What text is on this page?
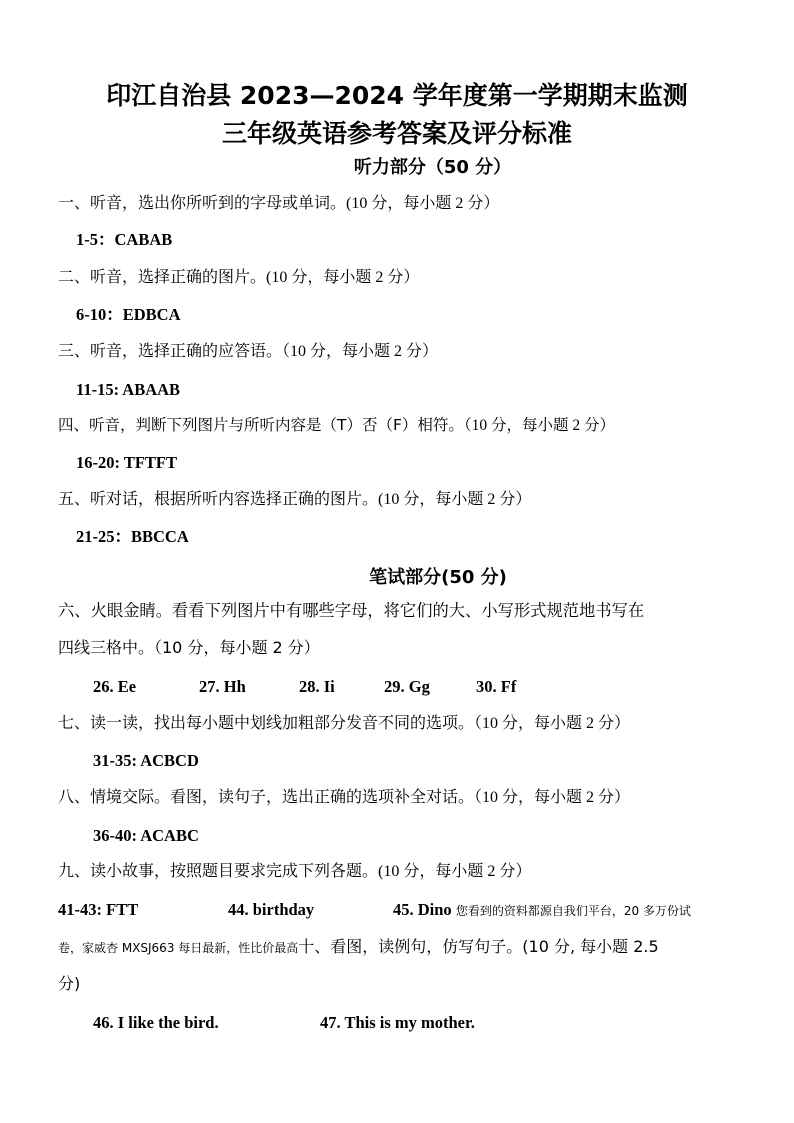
印江自治县 2023—2024 学年度第一学期期末监测
三年级英语参考答案及评分标准
听力部分（50 分）
一、听音，选出你所听到的字母或单词。(10 分，每小题 2 分）
1-5：CABAB
二、听音，选择正确的图片。(10 分，每小题 2 分）
6-10：EDBCA
三、听音，选择正确的应答语。（10 分，每小题 2 分）
11-15: ABAAB
四、听音，判断下列图片与所听内容是（T）否（F）相符。（10 分，每小题 2 分）
16-20: TFTFT
五、听对话，根据所听内容选择正确的图片。(10 分，每小题 2 分）
21-25：BBCCA
笔试部分(50 分)
六、火眼金睛。看看下列图片中有哪些字母，将它们的大、小写形式规范地书写在
四线三格中。（10 分，每小题 2 分）
26. Ee	27. Hh	28. Ii	29. Gg	30. Ff
七、读一读，找出每小题中划线加粗部分发音不同的选项。（10 分，每小题 2 分）
31-35: ACBCD
八、情境交际。看图，读句子，选出正确的选项补全对话。（10 分，每小题 2 分）
36-40: ACABC
九、读小故事，按照题目要求完成下列各题。(10 分，每小题 2 分）
41-43: FTT	44. birthday	45. Dino 您看到的资料都源自我们平台，20 多万份试
卷，家威杏 MXSJ663 每日最新，性比价最高十、看图，读例句，仿写句子。(10 分, 每小题 2.5
分)
46. I like the bird.	47. This is my mother.
